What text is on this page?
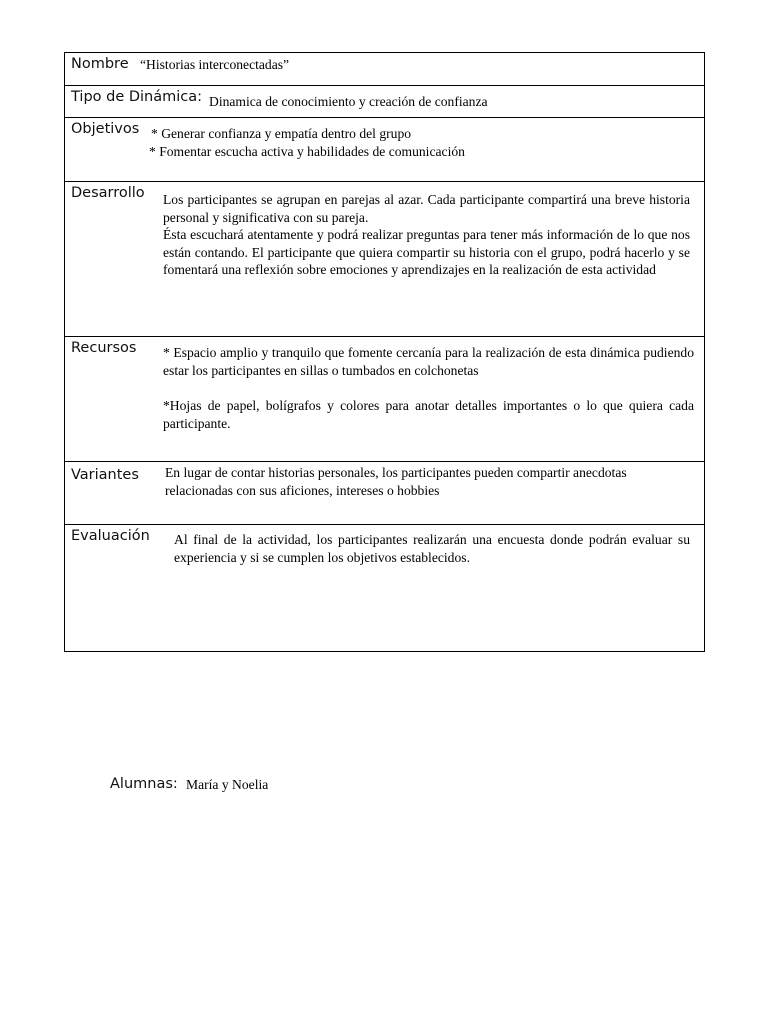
Nombre “Historias interconectadas”
Tipo de Dinámica: Dinamica de conocimiento y creación de confianza
Objetivos * Generar confianza y empatía dentro del grupo
* Fomentar escucha activa y habilidades de comunicación
Desarrollo Los participantes se agrupan en parejas al azar. Cada participante compartirá una breve historia personal y significativa con su pareja.

Ésta escuchará atentamente y podrá realizar preguntas para tener más información de lo que nos están contando. El participante que quiera compartir su historia con el grupo, podrá hacerlo y se fomentará una reflexión sobre emociones y aprendizajes en la realización de esta actividad

Recursos * Espacio amplio y tranquilo que fomente cercanía para la realización de esta dinámica pudiendo estar los participantes en sillas o tumbados en colchonetas

*Hojas de papel, bolígrafos y colores para anotar detalles importantes o lo que quiera cada participante.

Variantes En lugar de contar historias personales, los participantes pueden compartir anecdotas relacionadas con sus aficiones, intereses o hobbies
Evaluación Al final de la actividad, los participantes realizarán una encuesta donde podrán evaluar su experiencia y si se cumplen los objetivos establecidos.
Alumnas: María y Noelia
